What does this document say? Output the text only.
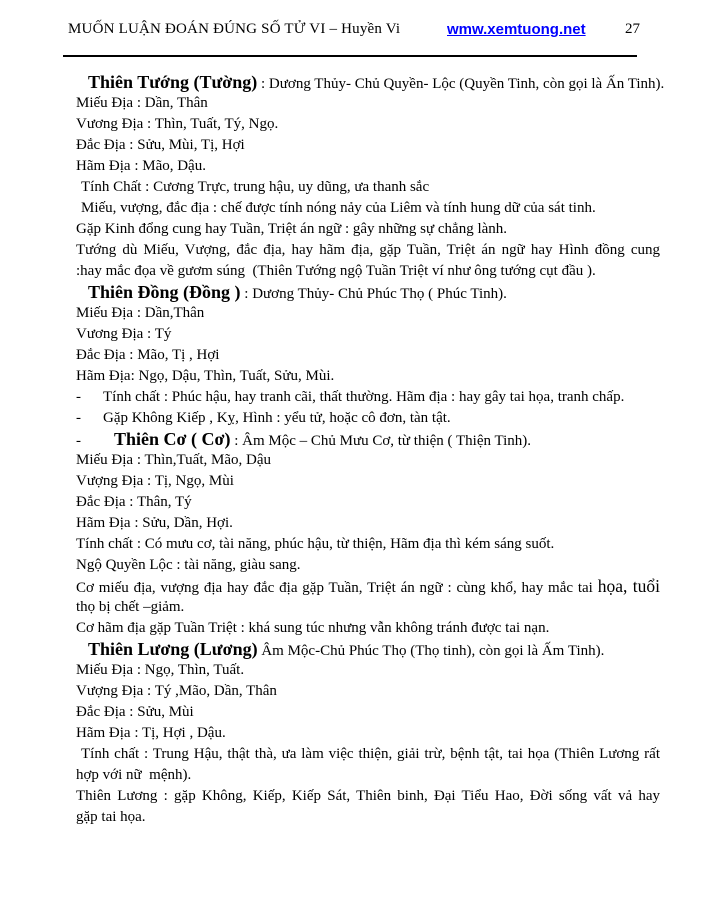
MUỐN LUẬN ĐOÁN ĐÚNG SỐ TỬ VI – Huyền Vi	wmw.xemtuong.net	27
Thiên Tướng (Tường) : Dương Thủy- Chủ Quyền- Lộc (Quyền Tinh, còn gọi là Ấn Tinh).
Miếu Địa : Dần, Thân
Vương Địa : Thìn, Tuất, Tý, Ngọ.
Đắc Địa : Sửu, Mùi, Tị, Hợi
Hãm Địa : Mão, Dậu.
Tính Chất : Cương Trực, trung hậu, uy dũng, ưa thanh sắc
Miếu, vượng, đắc địa : chế được tính nóng nảy của Liêm và tính hung dữ của sát tinh.
Gặp Kinh đổng cung hay Tuần, Triệt án ngữ : gây những sự chẳng lành.
Tướng dù Miếu, Vượng, đắc địa, hay hãm địa, gặp Tuần, Triệt án ngữ hay Hình đồng cung
:hay mắc đọa về gươm súng  (Thiên Tướng ngộ Tuần Triệt ví như ông tướng cụt đầu ).
Thiên Đồng (Đồng ) : Dương Thủy- Chủ Phúc Thọ ( Phúc Tinh).
Miếu Địa : Dần,Thân
Vương Địa : Tý
Đắc Địa : Mão, Tị , Hợi
Hãm Địa: Ngọ, Dậu, Thìn, Tuất, Sửu, Mùi.
- Tính chất : Phúc hậu, hay tranh cãi, thất thường. Hãm địa : hay gây tai họa, tranh chấp.
- Gặp Không Kiếp , Kỵ, Hình : yểu tử, hoặc cô đơn, tàn tật.
- Thiên Cơ ( Cơ) : Âm Mộc – Chủ Mưu Cơ, từ thiện ( Thiện Tinh).
Miếu Địa : Thìn,Tuất, Mão, Dậu
Vượng Địa : Tị, Ngọ, Mùi
Đắc Địa : Thân, Tý
Hãm Địa : Sửu, Dần, Hợi.
Tính chất : Có mưu cơ, tài năng, phúc hậu, từ thiện, Hãm địa thì kém sáng suốt.
Ngộ Quyền Lộc : tài năng, giàu sang.
Cơ miếu địa, vượng địa hay đắc địa gặp Tuần, Triệt án ngữ : cùng khổ, hay mắc tai họa, tuổi
thọ bị chết –giảm.
Cơ hãm địa gặp Tuần Triệt : khá sung túc nhưng vẫn không tránh được tai nạn.
Thiên Lương (Lương) Âm Mộc-Chủ Phúc Thọ (Thọ tinh), còn gọi là Ấm Tinh).
Miếu Địa : Ngọ, Thìn, Tuất.
Vượng Địa : Tý ,Mão, Dần, Thân
Đắc Địa : Sửu, Mùi
Hãm Địa : Tị, Hợi , Dậu.
Tính chất : Trung Hậu, thật thà, ưa làm việc thiện, giải trừ, bệnh tật, tai họa (Thiên Lương rất
hợp với nữ  mệnh).
Thiên Lương : gặp Không, Kiếp, Kiếp Sát, Thiên binh, Đại Tiểu Hao, Đời sống vất vả hay
gặp tai họa.
